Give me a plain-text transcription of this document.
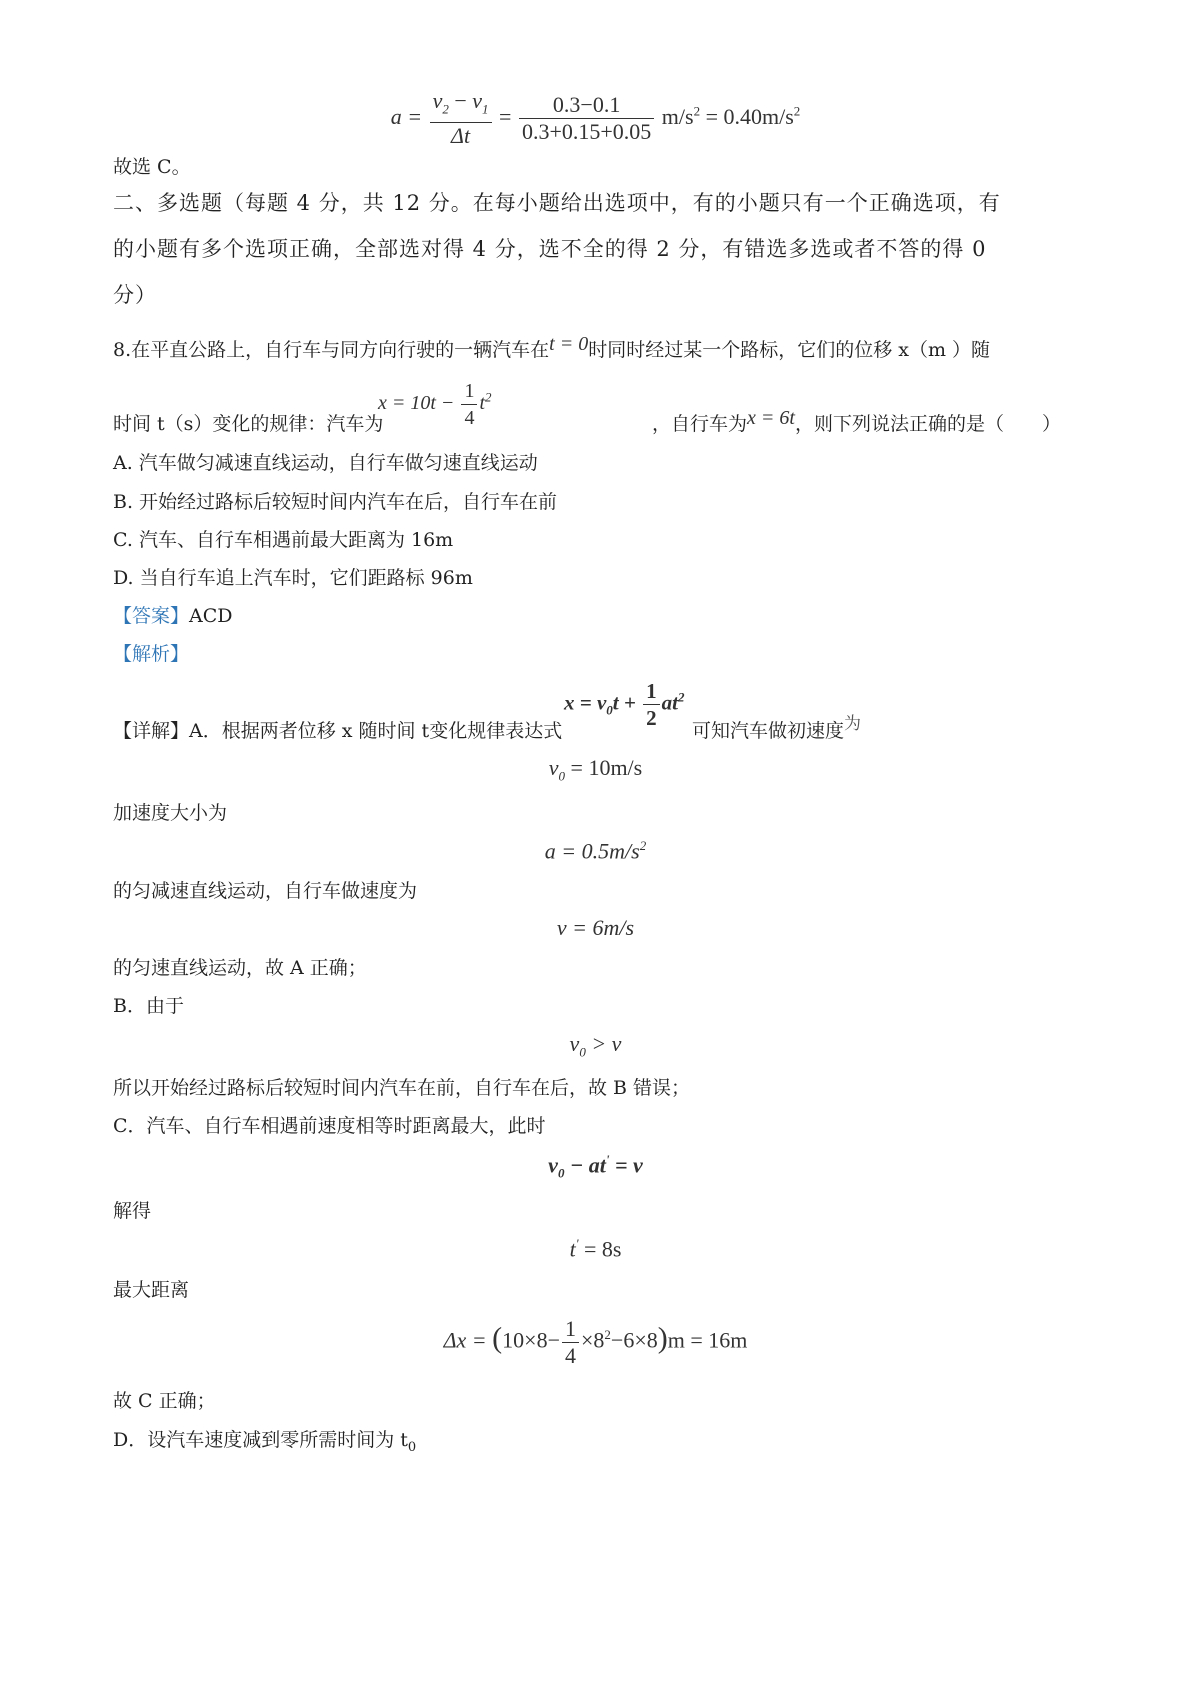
$a = \frac{v_2 - v_1}{\Delta t} = \frac{0.3-0.1}{0.3+0.15+0.05} m/s^2 = 0.40m/s^2$
故选 C。
二、多选题（每题 4 分，共 12 分。在每小题给出选项中，有的小题只有一个正确选项，有
的小题有多个选项正确，全部选对得 4 分，选不全的得 2 分，有错选多选或者不答的得 0
分）
8.在平直公路上，自行车与同方向行驶的一辆汽车在t = 0时同时经过某一个路标，它们的位移 x（m ）随
$x = 10t - \frac{1}{4} t^2$
时间 t（s）变化的规律：汽车为	，自行车为x = 6t，则下列说法正确的是（　　）
A. 汽车做匀减速直线运动，自行车做匀速直线运动
B. 开始经过路标后较短时间内汽车在后，自行车在前
C. 汽车、自行车相遇前最大距离为 16m
D. 当自行车追上汽车时，它们距路标 96m
【答案】ACD
【解析】
$x = v_0t + \frac{1}{2} at^2$
【详解】A．根据两者位移 x 随时间 t变化规律表达式	可知汽车做初速度为
$v_0 = 10m/s$
加速度大小为
$a = 0.5m/s^2$
的匀减速直线运动，自行车做速度为
v = 6m/s
的匀速直线运动，故 A 正确；
B．由于
$v_0 > v$
所以开始经过路标后较短时间内汽车在前，自行车在后，故 B 错误；
C．汽车、自行车相遇前速度相等时距离最大，此时
$v_0 - at' = v$
解得
t' = 8s
最大距离
$\Delta x = (10\times 8- \frac{1}{4} \times 8^2-6\times 8)m = 16m$
故 C 正确；
D．设汽车速度减到零所需时间为 $t_0$
